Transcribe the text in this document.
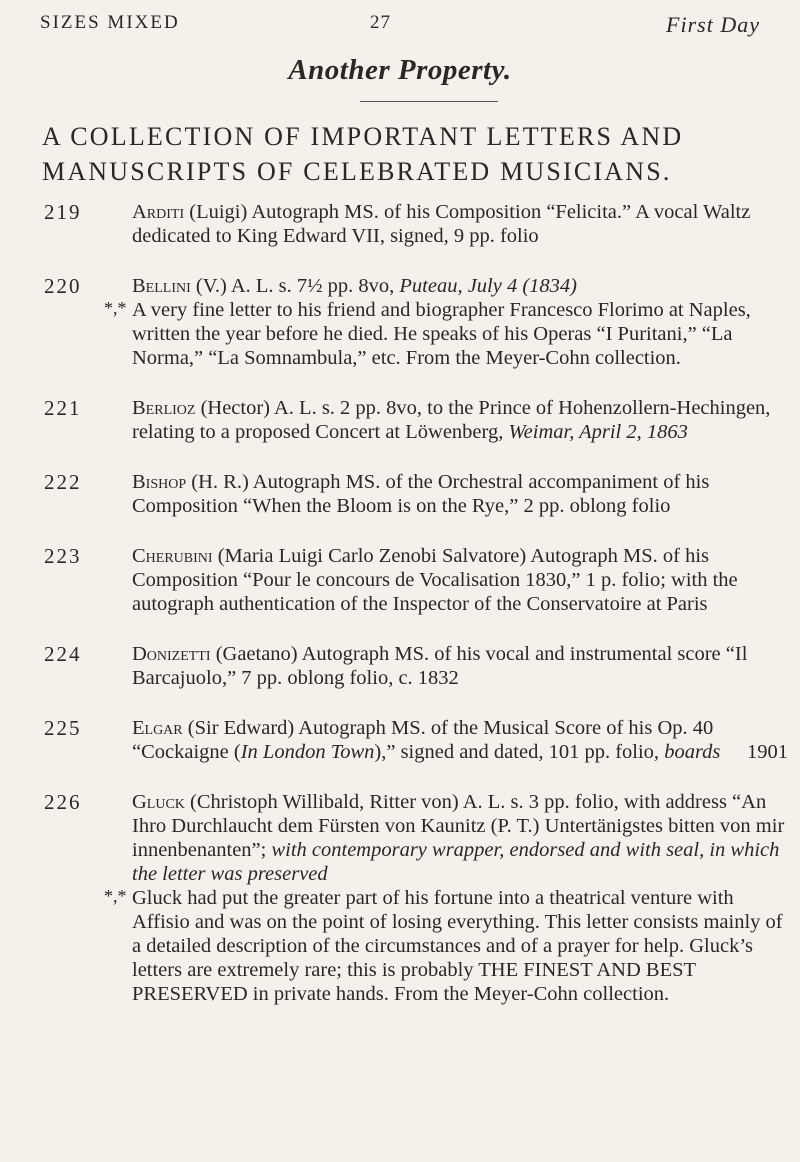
SIZES MIXED	27	First Day
Another Property.
A COLLECTION OF IMPORTANT LETTERS AND MANUSCRIPTS OF CELEBRATED MUSICIANS.
219 Arditi (Luigi) Autograph MS. of his Composition “Felicita.” A vocal Waltz dedicated to King Edward VII, signed, 9 pp. folio
220 Bellini (V.) A. L. s. 7½ pp. 8vo, Puteau, July 4 (1834)
*,* A very fine letter to his friend and biographer Francesco Florimo at Naples, written the year before he died. He speaks of his Operas “I Puritani,” “La Norma,” “La Somnambula,” etc. From the Meyer-Cohn collection.
221 Berlioz (Hector) A. L. s. 2 pp. 8vo, to the Prince of Hohenzollern-Hechingen, relating to a proposed Concert at Löwenberg, Weimar, April 2, 1863
222 Bishop (H. R.) Autograph MS. of the Orchestral accompaniment of his Composition “When the Bloom is on the Rye,” 2 pp. oblong folio
223 Cherubini (Maria Luigi Carlo Zenobi Salvatore) Autograph MS. of his Composition “Pour le concours de Vocalisation 1830,” 1 p. folio; with the autograph authentication of the Inspector of the Conservatoire at Paris
224 Donizetti (Gaetano) Autograph MS. of his vocal and instrumental score “Il Barcajuolo,” 7 pp. oblong folio, c. 1832
225 Elgar (Sir Edward) Autograph MS. of the Musical Score of his Op. 40 “Cockaigne (In London Town),” signed and dated, 101 pp. folio, boards 1901
226 Gluck (Christoph Willibald, Ritter von) A. L. s. 3 pp. folio, with address “An Ihro Durchlaucht dem Fürsten von Kaunitz (P. T.) Untertänigstes bitten von mir innenbenanten”; with contemporary wrapper, endorsed and with seal, in which the letter was preserved
*,* Gluck had put the greater part of his fortune into a theatrical venture with Affisio and was on the point of losing everything. This letter consists mainly of a detailed description of the circumstances and of a prayer for help. Gluck’s letters are extremely rare; this is probably THE FINEST AND BEST PRESERVED in private hands. From the Meyer-Cohn collection.
